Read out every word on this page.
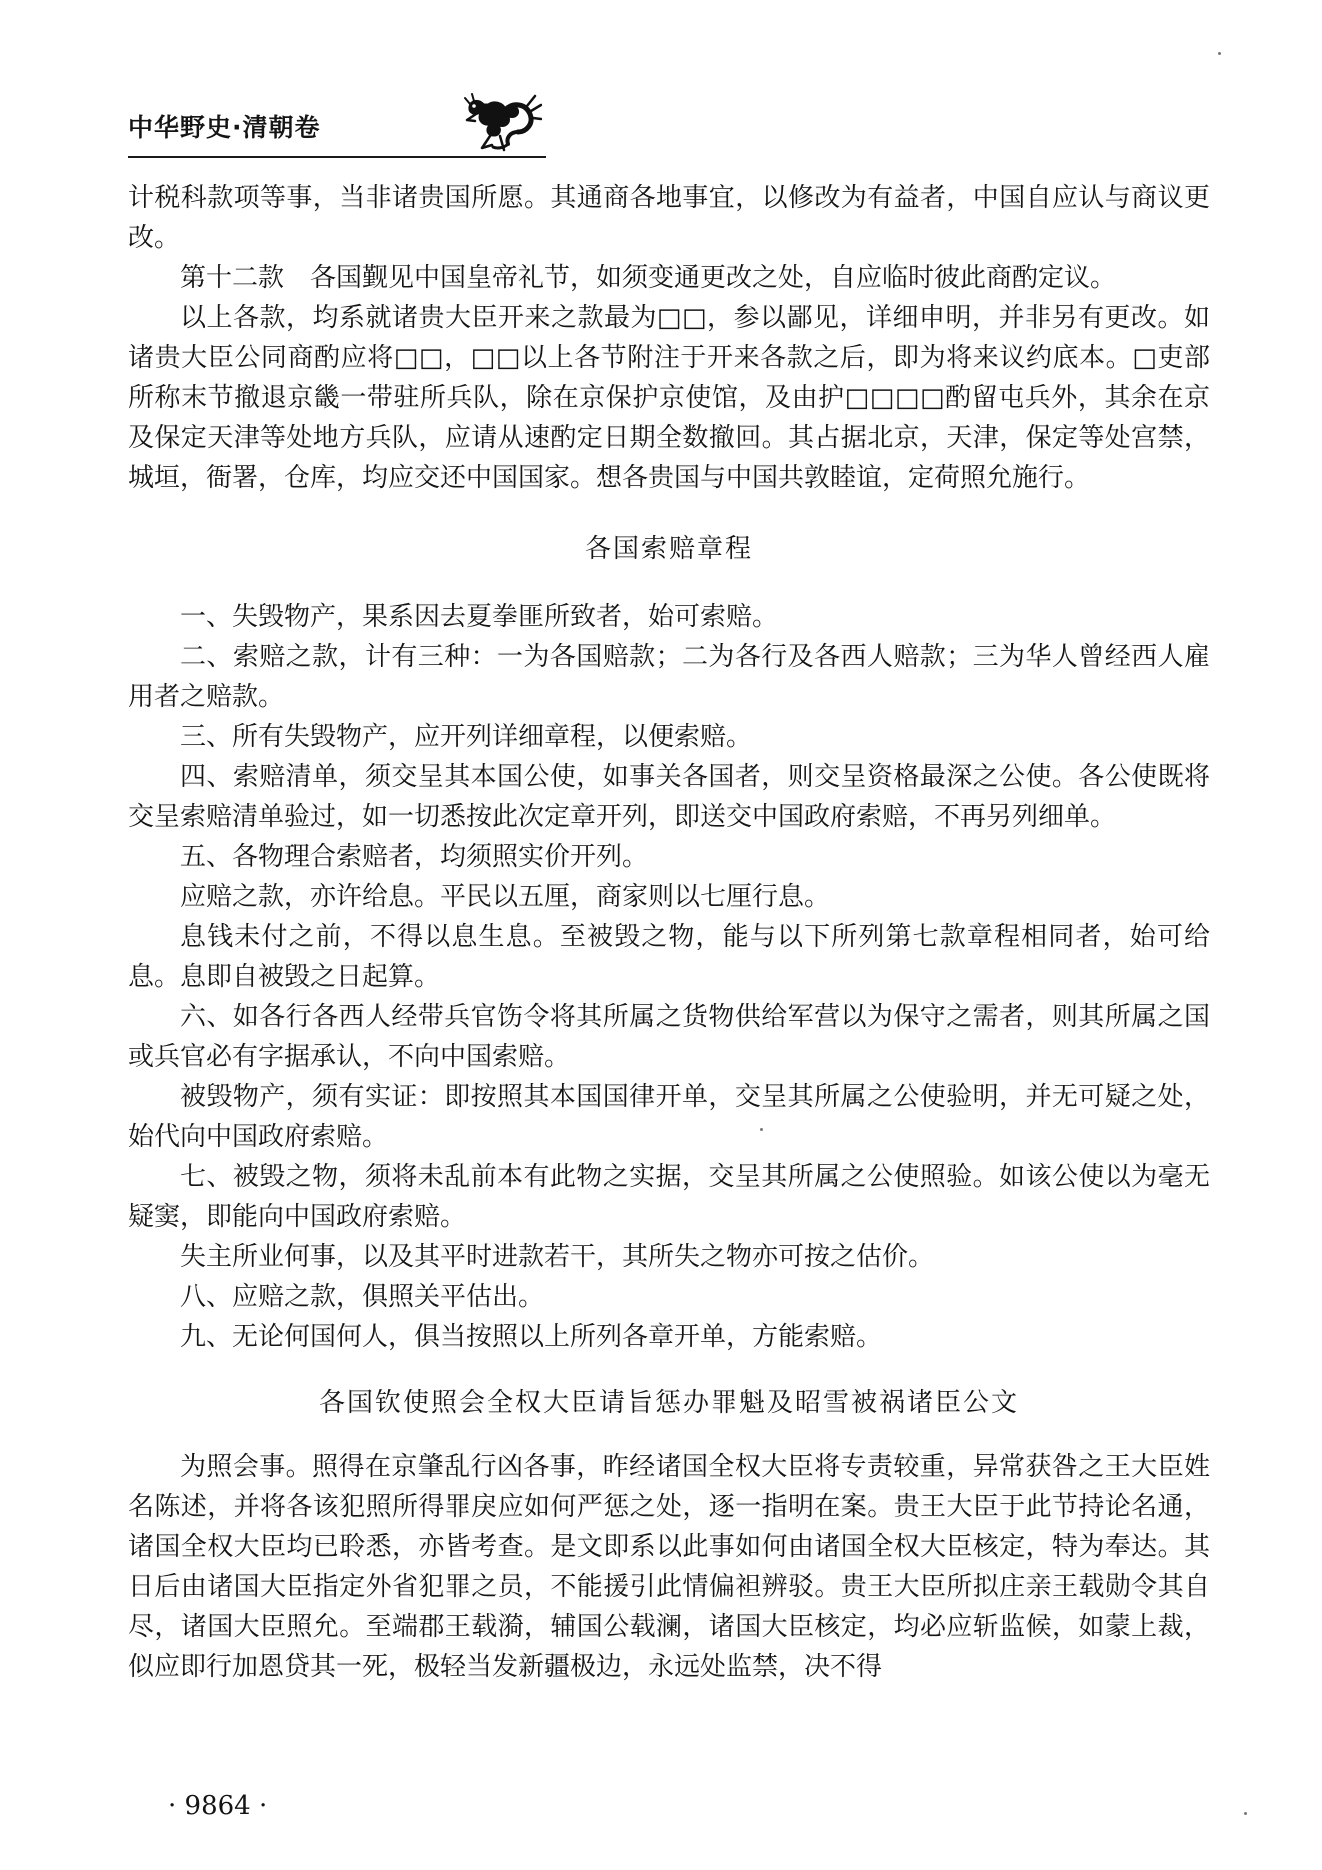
中华野史·清朝卷

计税科款项等事，当非诸贵国所愿。其通商各地事宜，以修改为有益者，中国自应认与商议更改。

第十二款　各国觐见中国皇帝礼节，如须变通更改之处，自应临时彼此商酌定议。

以上各款，均系就诸贵大臣开来之款最为□□，参以鄙见，详细申明，并非另有更改。如诸贵大臣公同商酌应将□□，□□以上各节附注于开来各款之后，即为将来议约底本。□吏部所称末节撤退京畿一带驻所兵队，除在京保护京使馆，及由护□□□□酌留屯兵外，其余在京及保定天津等处地方兵队，应请从速酌定日期全数撤回。其占据北京，天津，保定等处宫禁，城垣，衙署，仓库，均应交还中国国家。想各贵国与中国共敦睦谊，定荷照允施行。

各国索赔章程

一、失毁物产，果系因去夏拳匪所致者，始可索赔。

二、索赔之款，计有三种：一为各国赔款；二为各行及各西人赔款；三为华人曾经西人雇用者之赔款。

三、所有失毁物产，应开列详细章程，以便索赔。

四、索赔清单，须交呈其本国公使，如事关各国者，则交呈资格最深之公使。各公使既将交呈索赔清单验过，如一切悉按此次定章开列，即送交中国政府索赔，不再另列细单。

五、各物理合索赔者，均须照实价开列。

应赔之款，亦许给息。平民以五厘，商家则以七厘行息。

息钱未付之前，不得以息生息。至被毁之物，能与以下所列第七款章程相同者，始可给息。息即自被毁之日起算。

六、如各行各西人经带兵官饬令将其所属之货物供给军营以为保守之需者，则其所属之国或兵官必有字据承认，不向中国索赔。

被毁物产，须有实证：即按照其本国国律开单，交呈其所属之公使验明，并无可疑之处，始代向中国政府索赔。

七、被毁之物，须将未乱前本有此物之实据，交呈其所属之公使照验。如该公使以为毫无疑窦，即能向中国政府索赔。

失主所业何事，以及其平时进款若干，其所失之物亦可按之估价。

八、应赔之款，俱照关平估出。

九、无论何国何人，俱当按照以上所列各章开单，方能索赔。

各国钦使照会全权大臣请旨惩办罪魁及昭雪被祸诸臣公文

为照会事。照得在京肇乱行凶各事，昨经诸国全权大臣将专责较重，异常获咎之王大臣姓名陈述，并将各该犯照所得罪戾应如何严惩之处，逐一指明在案。贵王大臣于此节持论名通，诸国全权大臣均已聆悉，亦皆考查。是文即系以此事如何由诸国全权大臣核定，特为奉达。其日后由诸国大臣指定外省犯罪之员，不能援引此情偏袒辨驳。贵王大臣所拟庄亲王载勋令其自尽，诸国大臣照允。至端郡王载漪，辅国公载澜，诸国大臣核定，均必应斩监候，如蒙上裁，似应即行加恩贷其一死，极轻当发新疆极边，永远处监禁，决不得

· 9864 ·
